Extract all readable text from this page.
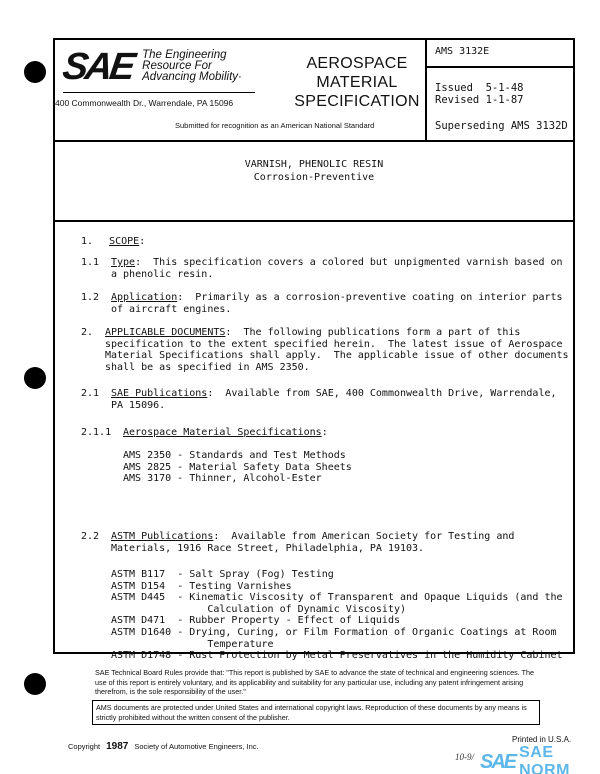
SAE The Engineering
Resource For
Advancing Mobility·
400 Commonwealth Dr., Warrendale, PA 15096
AEROSPACE
MATERIAL
SPECIFICATION
Submitted for recognition as an American National Standard
AMS 3132E
Issued  5-1-48
Revised 1-1-87
Superseding AMS 3132D
VARNISH, PHENOLIC RESIN
Corrosion-Preventive
1. SCOPE:
1.1 Type:  This specification covers a colored but unpigmented varnish based on
a phenolic resin.
1.2 Application:  Primarily as a corrosion-preventive coating on interior parts
of aircraft engines.
2. APPLICABLE DOCUMENTS:  The following publications form a part of this
specification to the extent specified herein.  The latest issue of Aerospace
Material Specifications shall apply.  The applicable issue of other documents
shall be as specified in AMS 2350.
2.1 SAE Publications:  Available from SAE, 400 Commonwealth Drive, Warrendale,
PA 15096.
2.1.1 Aerospace Material Specifications:
AMS 2350 - Standards and Test Methods
AMS 2825 - Material Safety Data Sheets
AMS 3170 - Thinner, Alcohol-Ester
2.2 ASTM Publications:  Available from American Society for Testing and
Materials, 1916 Race Street, Philadelphia, PA 19103.
ASTM B117  - Salt Spray (Fog) Testing
ASTM D154  - Testing Varnishes
ASTM D445  - Kinematic Viscosity of Transparent and Opaque Liquids (and the
Calculation of Dynamic Viscosity)
ASTM D471  - Rubber Property - Effect of Liquids
ASTM D1640 - Drying, Curing, or Film Formation of Organic Coatings at Room
Temperature
ASTM D1748 - Rust Protection by Metal Preservatives in the Humidity Cabinet
SAE Technical Board Rules provide that: "This report is published by SAE to advance the state of technical and engineering sciences. The use of this report is entirely voluntary, and its applicability and suitability for any particular use, including any patent infringement arising therefrom, is the sole responsibility of the user."
AMS documents are protected under United States and international copyright laws. Reproduction of these documents by any means is strictly prohibited without the written consent of the publisher.
Copyright 1987 Society of Automotive Engineers, Inc.
Printed in U.S.A.
10-9/ SAE SAE NORM
